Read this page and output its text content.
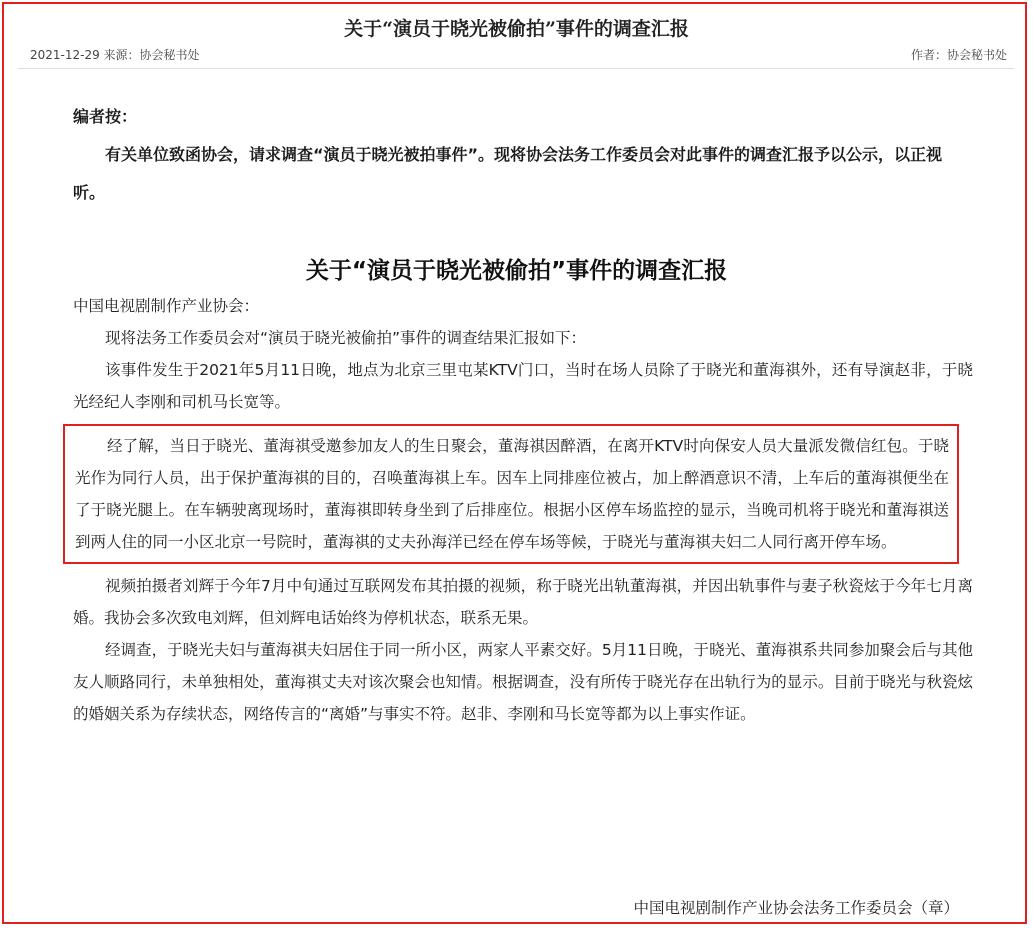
关于“演员于晓光被偷拍”事件的调查汇报
2021-12-29 来源：协会秘书处	作者：协会秘书处
编者按：
有关单位致函协会，请求调查“演员于晓光被拍事件”。现将协会法务工作委员会对此事件的调查汇报予以公示，以正视听。
关于“演员于晓光被偷拍”事件的调查汇报

中国电视剧制作产业协会：

现将法务工作委员会对“演员于晓光被偷拍”事件的调查结果汇报如下：

该事件发生于2021年5月11日晚，地点为北京三里屯某KTV门口，当时在场人员除了于晓光和董海祺外，还有导演赵非，于晓光经纪人李刚和司机马长宽等。

经了解，当日于晓光、董海祺受邀参加友人的生日聚会，董海祺因醉酒，在离开KTV时向保安人员大量派发微信红包。于晓光作为同行人员，出于保护董海祺的目的，召唤董海祺上车。因车上同排座位被占，加上醉酒意识不清，上车后的董海祺便坐在了于晓光腿上。在车辆驶离现场时，董海祺即转身坐到了后排座位。根据小区停车场监控的显示，当晚司机将于晓光和董海祺送到两人住的同一小区北京一号院时，董海祺的丈夫孙海洋已经在停车场等候，于晓光与董海祺夫妇二人同行离开停车场。

视频拍摄者刘辉于今年7月中旬通过互联网发布其拍摄的视频，称于晓光出轨董海祺，并因出轨事件与妻子秋瓷炫于今年七月离婚。我协会多次致电刘辉，但刘辉电话始终为停机状态，联系无果。

经调查，于晓光夫妇与董海祺夫妇居住于同一所小区，两家人平素交好。5月11日晚，于晓光、董海祺系共同参加聚会后与其他友人顺路同行，未单独相处，董海祺丈夫对该次聚会也知情。根据调查，没有所传于晓光存在出轨行为的显示。目前于晓光与秋瓷炫的婚姻关系为存续状态，网络传言的“离婚”与事实不符。赵非、李刚和马长宽等都为以上事实作证。

中国电视剧制作产业协会法务工作委员会（章）
